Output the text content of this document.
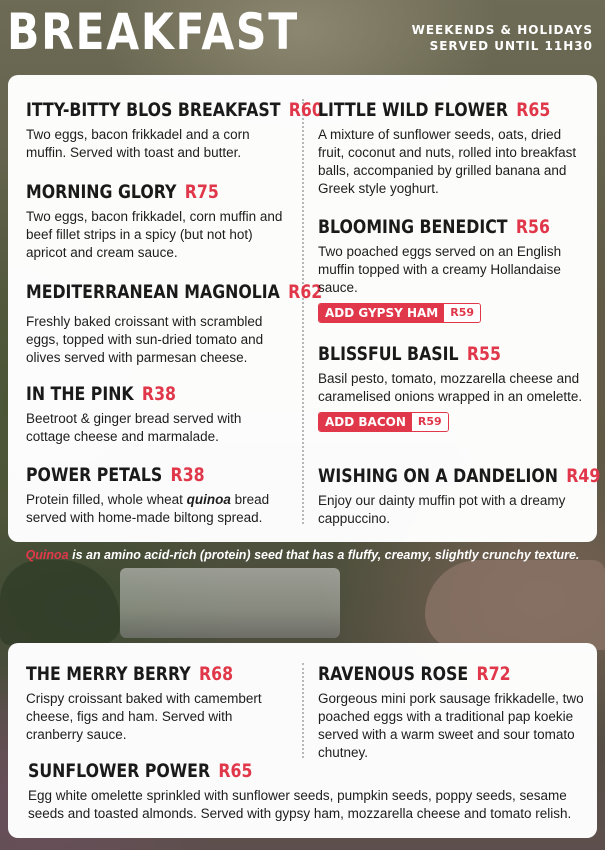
BREAKFAST	WEEKENDS & HOLIDAYS
SERVED UNTIL 11H30
ITTY-BITTY BLOS BREAKFAST R60
Two eggs, bacon frikkadel and a corn muffin. Served with toast and butter.
MORNING GLORY R75
Two eggs, bacon frikkadel, corn muffin and beef fillet strips in a spicy (but not hot) apricot and cream sauce.
MEDITERRANEAN MAGNOLIA R62
Freshly baked croissant with scrambled eggs, topped with sun-dried tomato and olives served with parmesan cheese.
IN THE PINK R38
Beetroot & ginger bread served with cottage cheese and marmalade.
POWER PETALS R38
Protein filled, whole wheat quinoa bread served with home-made biltong spread.
LITTLE WILD FLOWER R65
A mixture of sunflower seeds, oats, dried fruit, coconut and nuts, rolled into breakfast balls, accompanied by grilled banana and Greek style yoghurt.
BLOOMING BENEDICT R56
Two poached eggs served on an English muffin topped with a creamy Hollandaise sauce.
ADD GYPSY HAM	R59
BLISSFUL BASIL R55
Basil pesto, tomato, mozzarella cheese and caramelised onions wrapped in an omelette.
ADD BACON	R59
WISHING ON A DANDELION R49
Enjoy our dainty muffin pot with a dreamy cappuccino.
Quinoa is an amino acid-rich (protein) seed that has a fluffy, creamy, slightly crunchy texture.
THE MERRY BERRY R68
Crispy croissant baked with camembert cheese, figs and ham. Served with cranberry sauce.
RAVENOUS ROSE R72
Gorgeous mini pork sausage frikkadelle, two poached eggs with a traditional pap koekie served with a warm sweet and sour tomato chutney.
SUNFLOWER POWER R65
Egg white omelette sprinkled with sunflower seeds, pumpkin seeds, poppy seeds, sesame seeds and toasted almonds. Served with gypsy ham, mozzarella cheese and tomato relish.
